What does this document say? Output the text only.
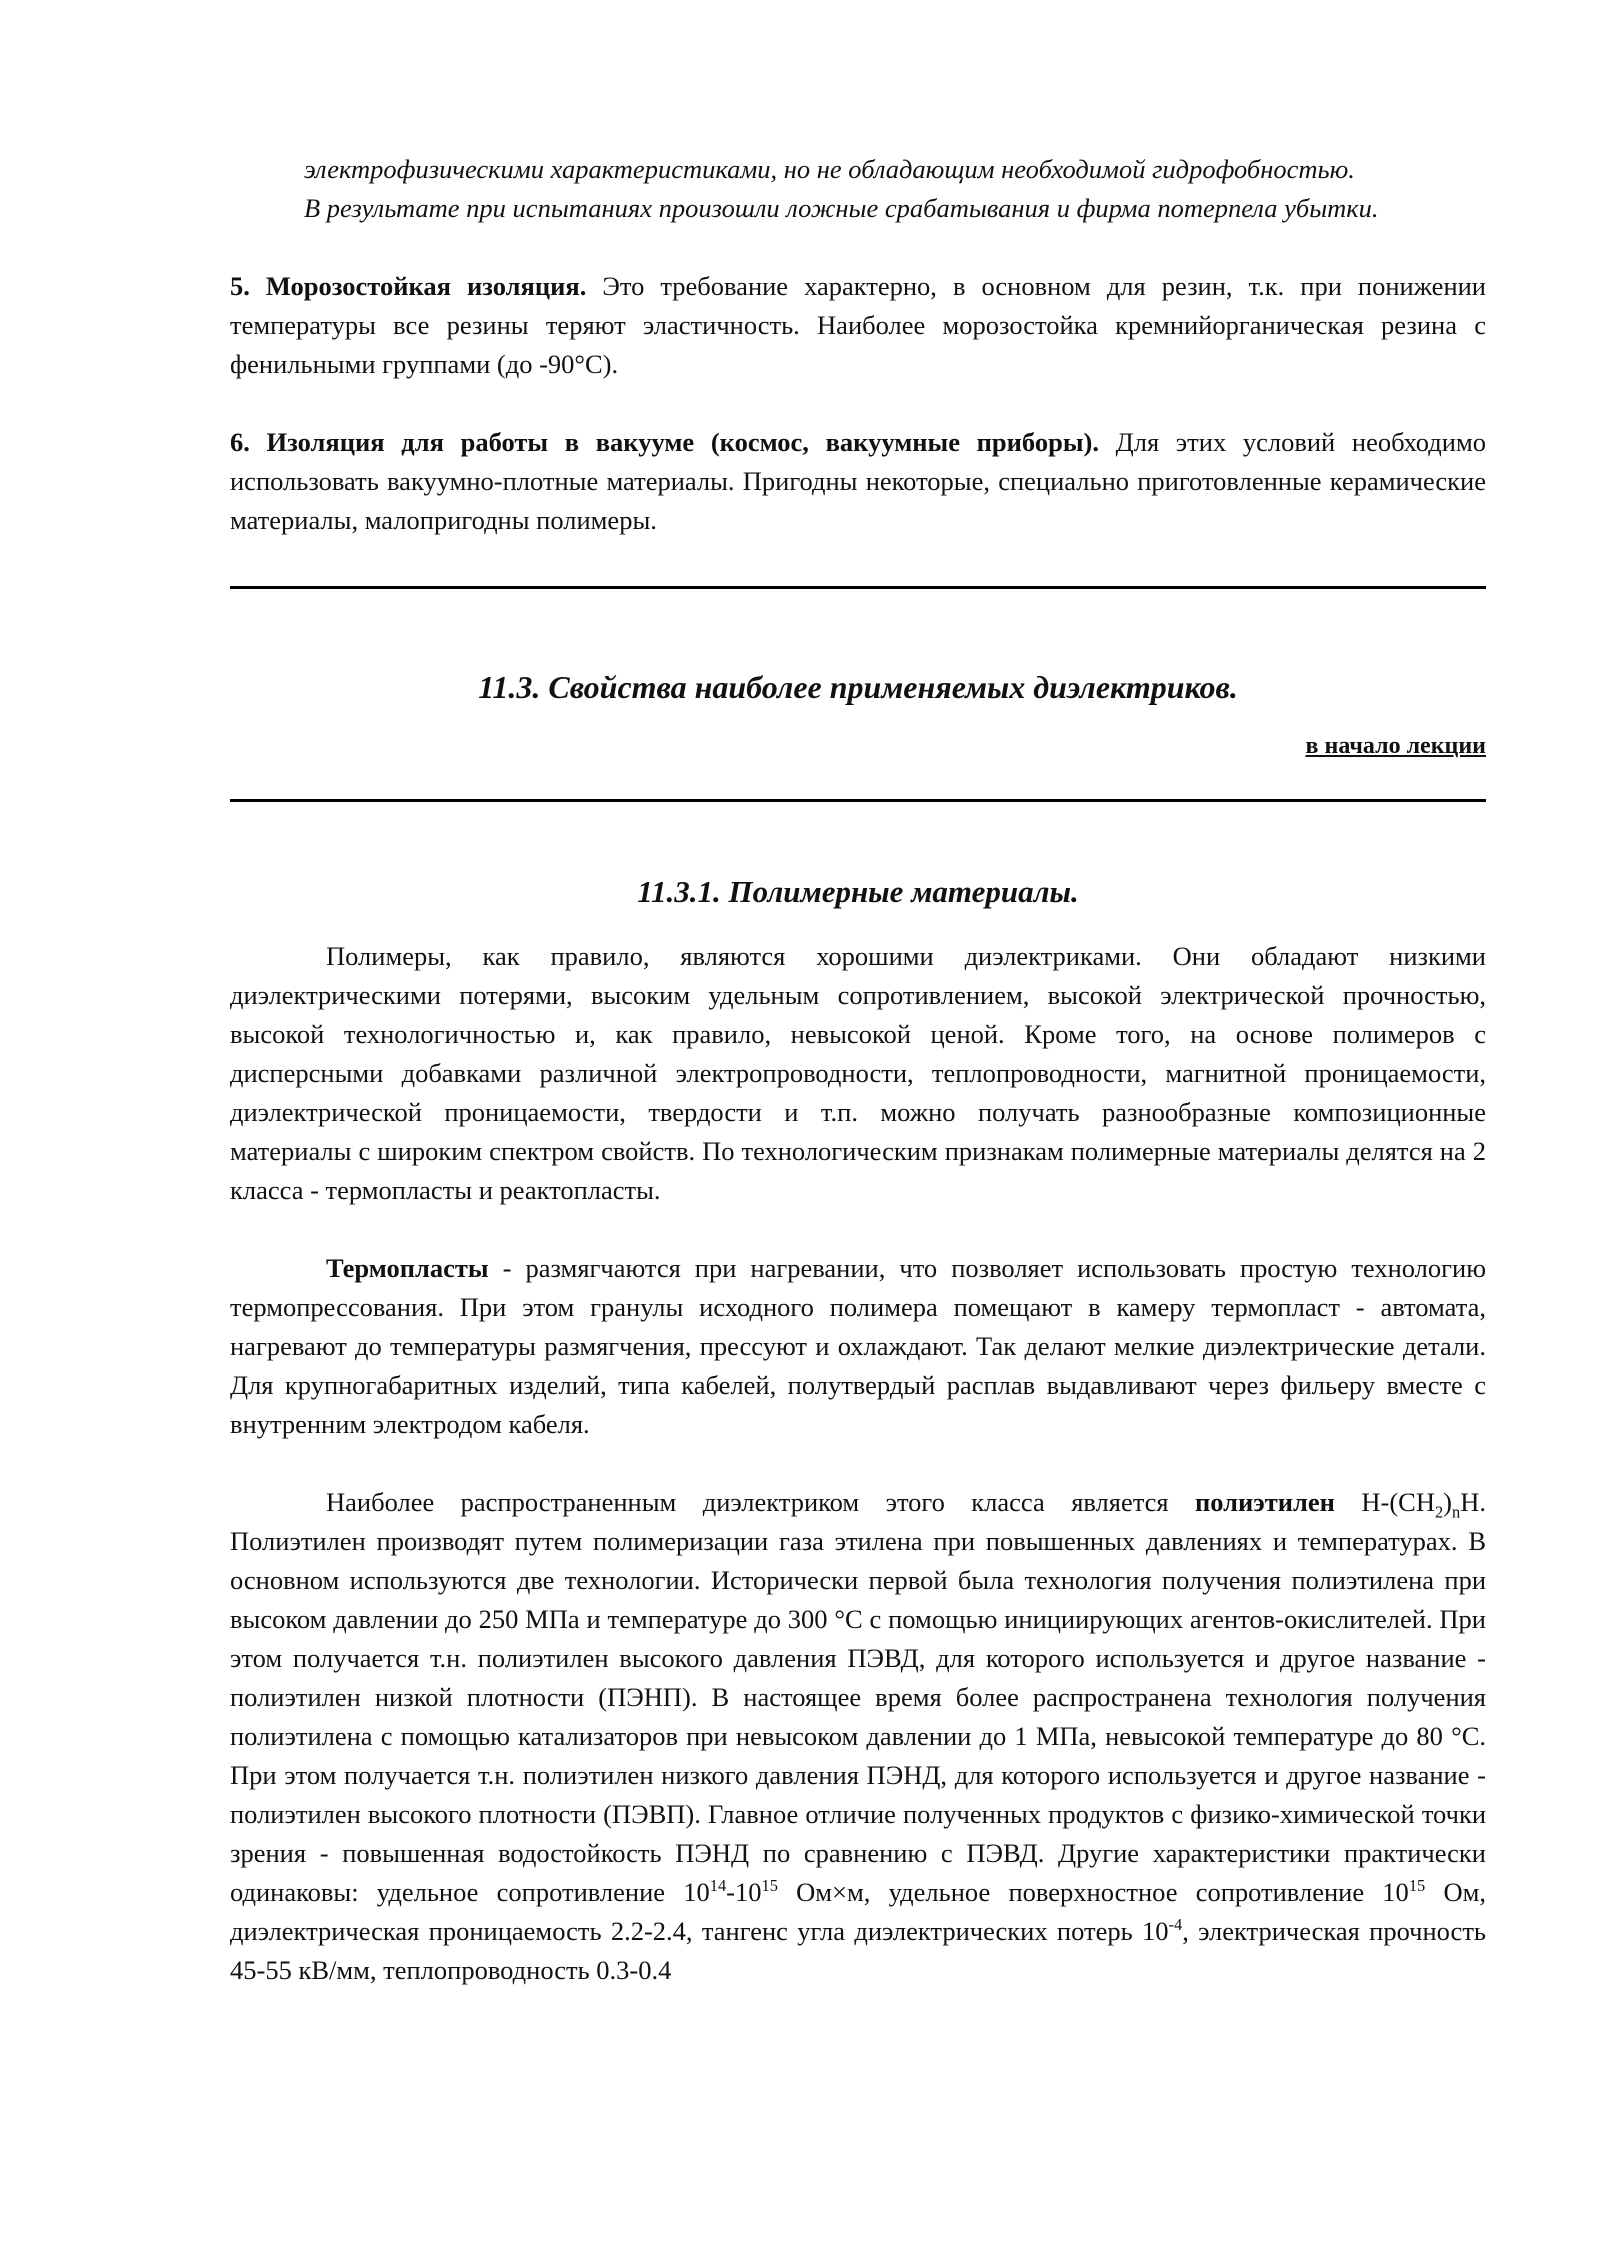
электрофизическими характеристиками, но не обладающим необходимой гидрофобностью.

В результате при испытаниях произошли ложные срабатывания и фирма потерпела убытки.

5. Морозостойкая изоляция. Это требование характерно, в основном для резин, т.к. при понижении температуры все резины теряют эластичность. Наиболее морозостойка кремнийорганическая резина с фенильными группами (до -90°С).

6. Изоляция для работы в вакууме (космос, вакуумные приборы). Для этих условий необходимо использовать вакуумно-плотные материалы. Пригодны некоторые, специально приготовленные керамические материалы, малопригодны полимеры.

11.3. Свойства наиболее применяемых диэлектриков.
в начало лекции
11.3.1. Полимерные материалы.

Полимеры, как правило, являются хорошими диэлектриками. Они обладают низкими диэлектрическими потерями, высоким удельным сопротивлением, высокой электрической прочностью, высокой технологичностью и, как правило, невысокой ценой. Кроме того, на основе полимеров с дисперсными добавками различной электропроводности, теплопроводности, магнитной проницаемости, диэлектрической проницаемости, твердости и т.п. можно получать разнообразные композиционные материалы с широким спектром свойств. По технологическим признакам полимерные материалы делятся на 2 класса - термопласты и реактопласты.

Термопласты - размягчаются при нагревании, что позволяет использовать простую технологию термопрессования. При этом гранулы исходного полимера помещают в камеру термопласт - автомата, нагревают до температуры размягчения, прессуют и охлаждают. Так делают мелкие диэлектрические детали. Для крупногабаритных изделий, типа кабелей, полутвердый расплав выдавливают через фильеру вместе с внутренним электродом кабеля.

Наиболее распространенным диэлектриком этого класса является полиэтилен $H-(CH_2)_nH$. Полиэтилен производят путем полимеризации газа этилена при повышенных давлениях и температурах. В основном используются две технологии. Исторически первой была технология получения полиэтилена при высоком давлении до 250 МПа и температуре до 300 °С с помощью инициирующих агентов-окислителей. При этом получается т.н. полиэтилен высокого давления ПЭВД, для которого используется и другое название - полиэтилен низкой плотности (ПЭНП). В настоящее время более распространена технология получения полиэтилена с помощью катализаторов при невысоком давлении до 1 МПа, невысокой температуре до 80 °С. При этом получается т.н. полиэтилен низкого давления ПЭНД, для которого используется и другое название - полиэтилен высокого плотности (ПЭВП). Главное отличие полученных продуктов с физико-химической точки зрения - повышенная водостойкость ПЭНД по сравнению с ПЭВД. Другие характеристики практически одинаковы: удельное сопротивление $10^{14}-10^{15}$ Ом×м, удельное поверхностное сопротивление $10^{15}$ Ом, диэлектрическая проницаемость 2.2-2.4, тангенс угла диэлектрических потерь $10^{-4}$, электрическая прочность 45-55 кВ/мм, теплопроводность 0.3-0.4
